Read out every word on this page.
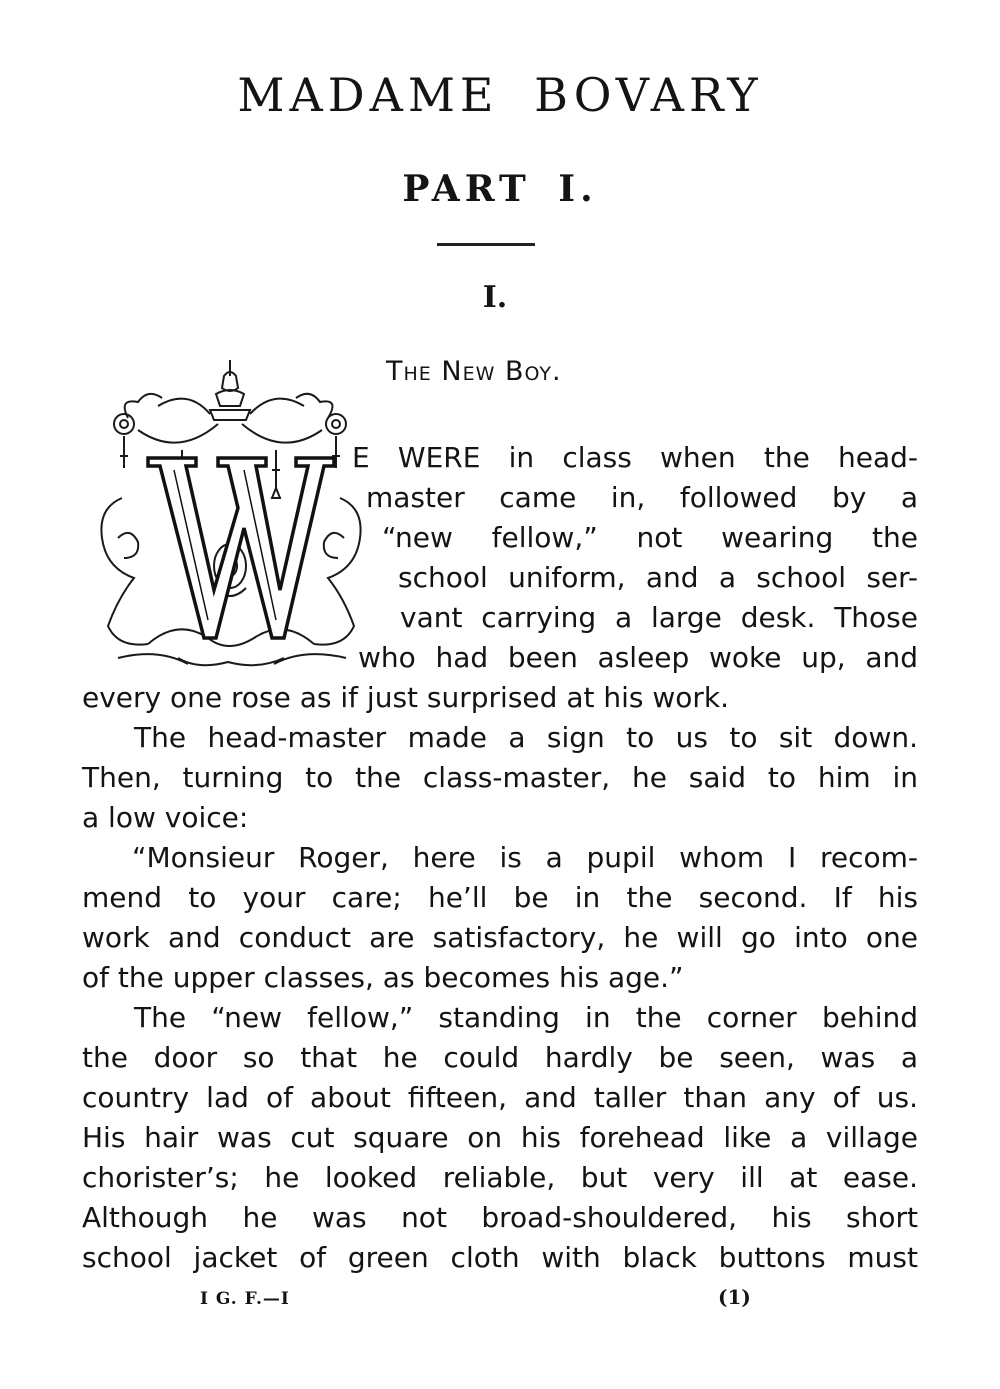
MADAME BOVARY
PART I.
I.
The New Boy.
E WERE in class when the head-
master came in, followed by a
“new fellow,” not wearing the
school uniform, and a school ser-
vant carrying a large desk. Those
who had been asleep woke up, and
every one rose as if just surprised at his work.
The head-master made a sign to us to sit down.
Then, turning to the class-master, he said to him in
a low voice:
“Monsieur Roger, here is a pupil whom I recom-
mend to your care; he’ll be in the second. If his
work and conduct are satisfactory, he will go into one
of the upper classes, as becomes his age.”
The “new fellow,” standing in the corner behind
the door so that he could hardly be seen, was a
country lad of about fifteen, and taller than any of us.
His hair was cut square on his forehead like a village
chorister’s; he looked reliable, but very ill at ease.
Although he was not broad-shouldered, his short
school jacket of green cloth with black buttons must
I G. F.—I	(1)
